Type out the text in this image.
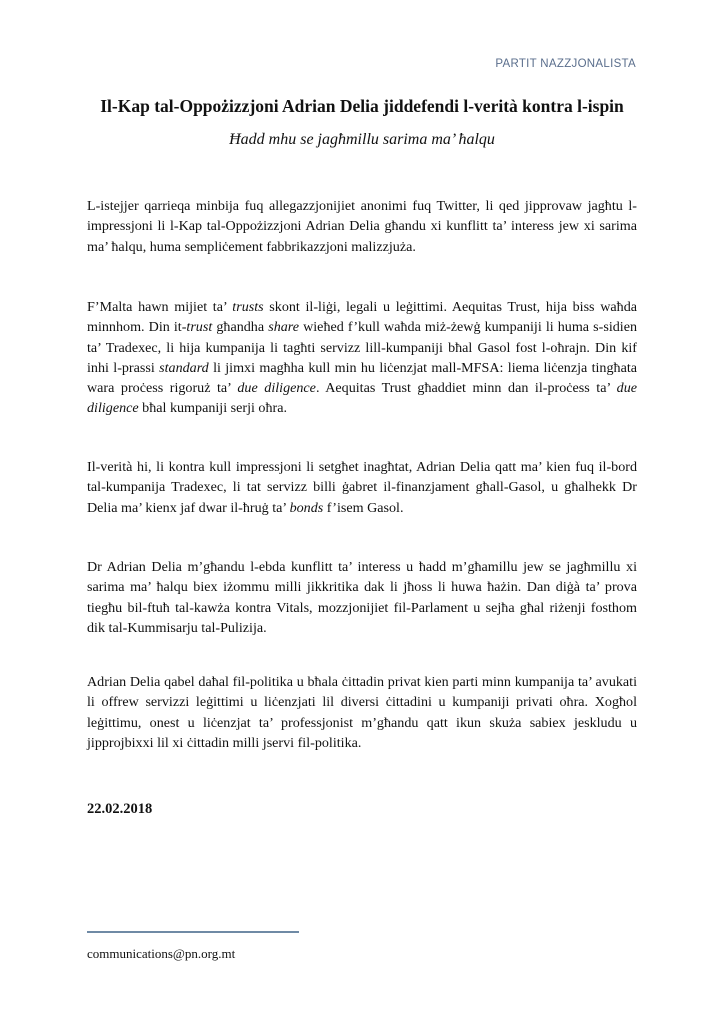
PARTIT NAZZJONALISTA
Il-Kap tal-Oppożizzjoni Adrian Delia jiddefendi l-verità kontra l-ispin
Ħadd mhu se jagħmillu sarima ma’ ħalqu
L-istejjer qarrieqa minbija fuq allegazzjonijiet anonimi fuq Twitter, li qed jipprovaw jagħtu l-impressjoni li l-Kap tal-Oppożizzjoni Adrian Delia għandu xi kunflitt ta’ interess jew xi sarima ma’ ħalqu, huma sempliċement fabbrikazzjoni malizzjuża.
F’Malta hawn mijiet ta’ trusts skont il-liġi, legali u leġittimi. Aequitas Trust, hija biss waħda minnhom. Din it-trust għandha share wieħed f’kull waħda miż-żewġ kumpaniji li huma s-sidien ta’ Tradexec, li hija kumpanija li tagħti servizz lill-kumpaniji bħal Gasol fost l-oħrajn. Din kif inhi l-prassi standard li jimxi magħha kull min hu liċenzjat mall-MFSA: liema liċenzja tingħata wara proċess rigoruż ta’ due diligence. Aequitas Trust għaddiet minn dan il-proċess ta’ due diligence bħal kumpaniji serji oħra.
Il-verità hi, li kontra kull impressjoni li setgħet inagħtat, Adrian Delia qatt ma’ kien fuq il-bord tal-kumpanija Tradexec, li tat servizz billi ġabret il-finanzjament għall-Gasol, u għalhekk Dr Delia ma’ kienx jaf dwar il-ħruġ ta’ bonds f’isem Gasol.
Dr Adrian Delia m’għandu l-ebda kunflitt ta’ interess u ħadd m’għamillu jew se jagħmillu xi sarima ma’ ħalqu biex iżommu milli jikkritika dak li jħoss li huwa ħażin. Dan diġà ta’ prova tiegħu bil-ftuħ tal-kawża kontra Vitals, mozzjonijiet fil-Parlament u sejħa għal riżenji fosthom dik tal-Kummisarju tal-Pulizija.
Adrian Delia qabel daħal fil-politika u bħala ċittadin privat kien parti minn kumpanija ta’ avukati li offrew servizzi leġittimi u liċenzjati lil diversi ċittadini u kumpaniji privati oħra. Xogħol leġittimu, onest u liċenzjat ta’ professjonist m’għandu qatt ikun skuża sabiex jeskludu u jipprojbixxi lil xi ċittadin milli jservi fil-politika.
22.02.2018
communications@pn.org.mt
